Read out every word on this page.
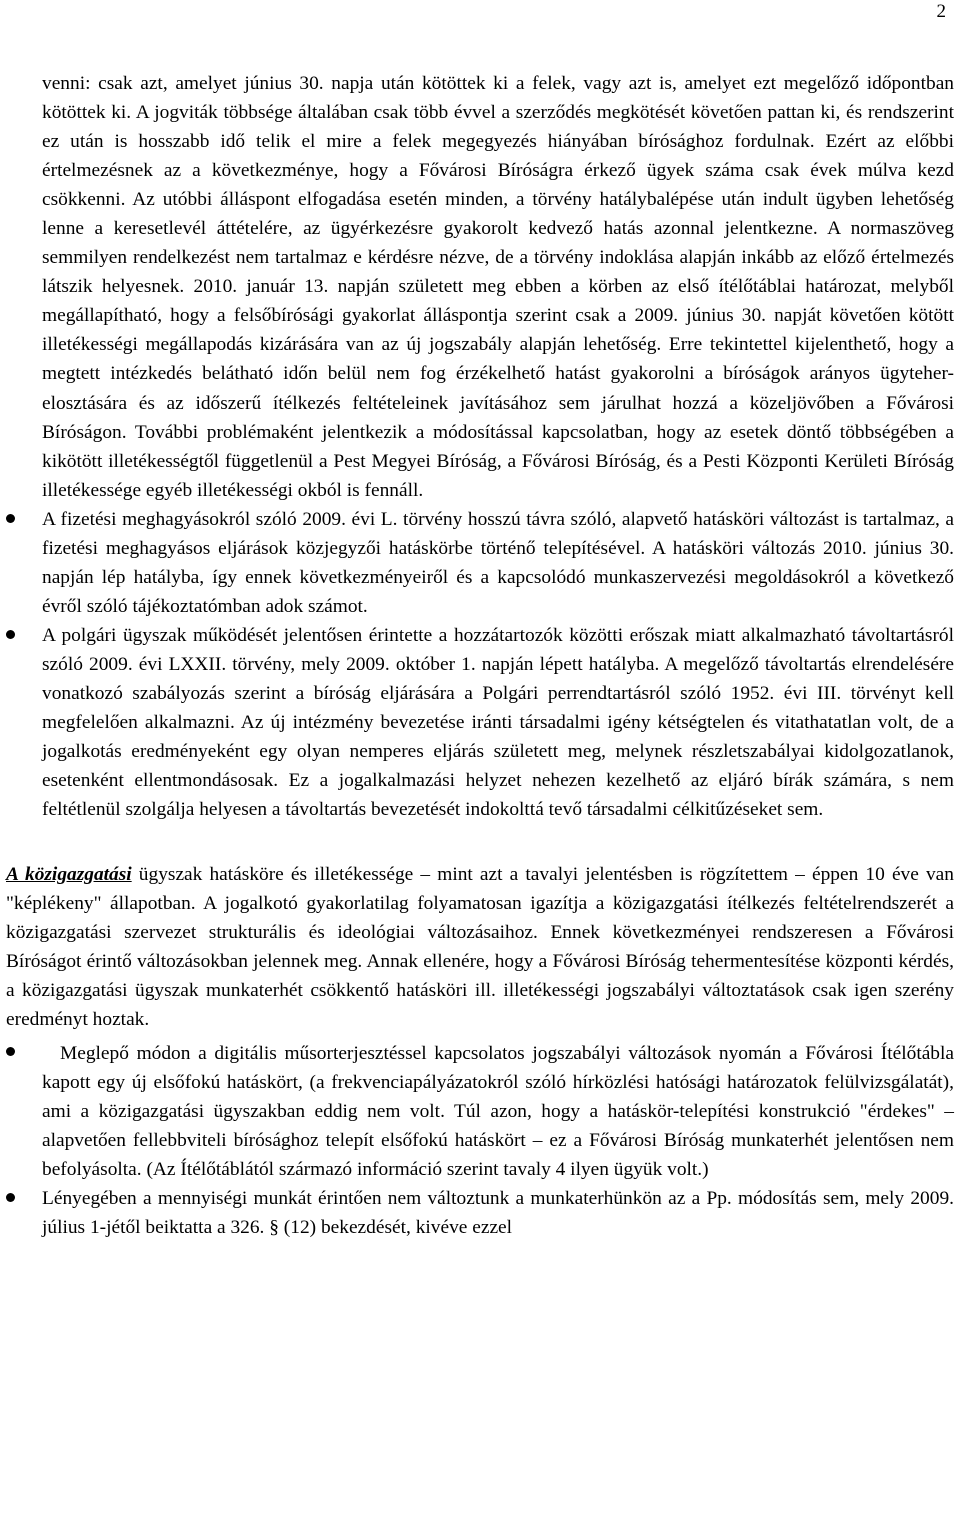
2

venni: csak azt, amelyet június 30. napja után kötöttek ki a felek, vagy azt is, amelyet ezt megelőző időpontban kötöttek ki. A jogviták többsége általában csak több évvel a szerződés megkötését követően pattan ki, és rendszerint ez után is hosszabb idő telik el mire a felek megegyezés hiányában bírósághoz fordulnak. Ezért az előbbi értelmezésnek az a következménye, hogy a Fővárosi Bíróságra érkező ügyek száma csak évek múlva kezd csökkenni. Az utóbbi álláspont elfogadása esetén minden, a törvény hatálybalépése után indult ügyben lehetőség lenne a keresetlevél áttételére, az ügyérkezésre gyakorolt kedvező hatás azonnal jelentkezne. A normaszöveg semmilyen rendelkezést nem tartalmaz e kérdésre nézve, de a törvény indoklása alapján inkább az előző értelmezés látszik helyesnek. 2010. január 13. napján született meg ebben a körben az első ítélőtáblai határozat, melyből megállapítható, hogy a felsőbírósági gyakorlat álláspontja szerint csak a 2009. június 30. napját követően kötött illetékességi megállapodás kizárására van az új jogszabály alapján lehetőség. Erre tekintettel kijelenthető, hogy a megtett intézkedés belátható időn belül nem fog érzékelhető hatást gyakorolni a bíróságok arányos ügyteher-elosztására és az időszerű ítélkezés feltételeinek javításához sem járulhat hozzá a közeljövőben a Fővárosi Bíróságon. További problémaként jelentkezik a módosítással kapcsolatban, hogy az esetek döntő többségében a kikötött illetékességtől függetlenül a Pest Megyei Bíróság, a Fővárosi Bíróság, és a Pesti Központi Kerületi Bíróság illetékessége egyéb illetékességi okból is fennáll.

A fizetési meghagyásokról szóló 2009. évi L. törvény hosszú távra szóló, alapvető hatásköri változást is tartalmaz, a fizetési meghagyásos eljárások közjegyzői hatáskörbe történő telepítésével. A hatásköri változás 2010. június 30. napján lép hatályba, így ennek következményeiről és a kapcsolódó munkaszervezési megoldásokról a következő évről szóló tájékoztatómban adok számot.

A polgári ügyszak működését jelentősen érintette a hozzátartozók közötti erőszak miatt alkalmazható távoltartásról szóló 2009. évi LXXII. törvény, mely 2009. október 1. napján lépett hatályba. A megelőző távoltartás elrendelésére vonatkozó szabályozás szerint a bíróság eljárására a Polgári perrendtartásról szóló 1952. évi III. törvényt kell megfelelően alkalmazni. Az új intézmény bevezetése iránti társadalmi igény kétségtelen és vitathatatlan volt, de a jogalkotás eredményeként egy olyan nemperes eljárás született meg, melynek részletszabályai kidolgozatlanok, esetenként ellentmondásosak. Ez a jogalkalmazási helyzet nehezen kezelhető az eljáró bírák számára, s nem feltétlenül szolgálja helyesen a távoltartás bevezetését indokolttá tevő társadalmi célkitűzéseket sem.

A közigazgatási ügyszak hatásköre és illetékessége – mint azt a tavalyi jelentésben is rögzítettem – éppen 10 éve van "képlékeny" állapotban. A jogalkotó gyakorlatilag folyamatosan igazítja a közigazgatási ítélkezés feltételrendszerét a közigazgatási szervezet strukturális és ideológiai változásaihoz. Ennek következményei rendszeresen a Fővárosi Bíróságot érintő változásokban jelennek meg. Annak ellenére, hogy a Fővárosi Bíróság tehermentesítése központi kérdés, a közigazgatási ügyszak munkaterhét csökkentő hatásköri ill. illetékességi jogszabályi változtatások csak igen szerény eredményt hoztak.

Meglepő módon a digitális műsorterjesztéssel kapcsolatos jogszabályi változások nyomán a Fővárosi Ítélőtábla kapott egy új elsőfokú hatáskört, (a frekvenciapályázatokról szóló hírközlési hatósági határozatok felülvizsgálatát), ami a közigazgatási ügyszakban eddig nem volt. Túl azon, hogy a hatáskör-telepítési konstrukció "érdekes" – alapvetően fellebbviteli bírósághoz telepít elsőfokú hatáskört – ez a Fővárosi Bíróság munkaterhét jelentősen nem befolyásolta. (Az Ítélőtáblától származó információ szerint tavaly 4 ilyen ügyük volt.)

Lényegében a mennyiségi munkát érintően nem változtunk a munkaterhünkön az a Pp. módosítás sem, mely 2009. július 1-jétől beiktatta a 326. § (12) bekezdését, kivéve ezzel
